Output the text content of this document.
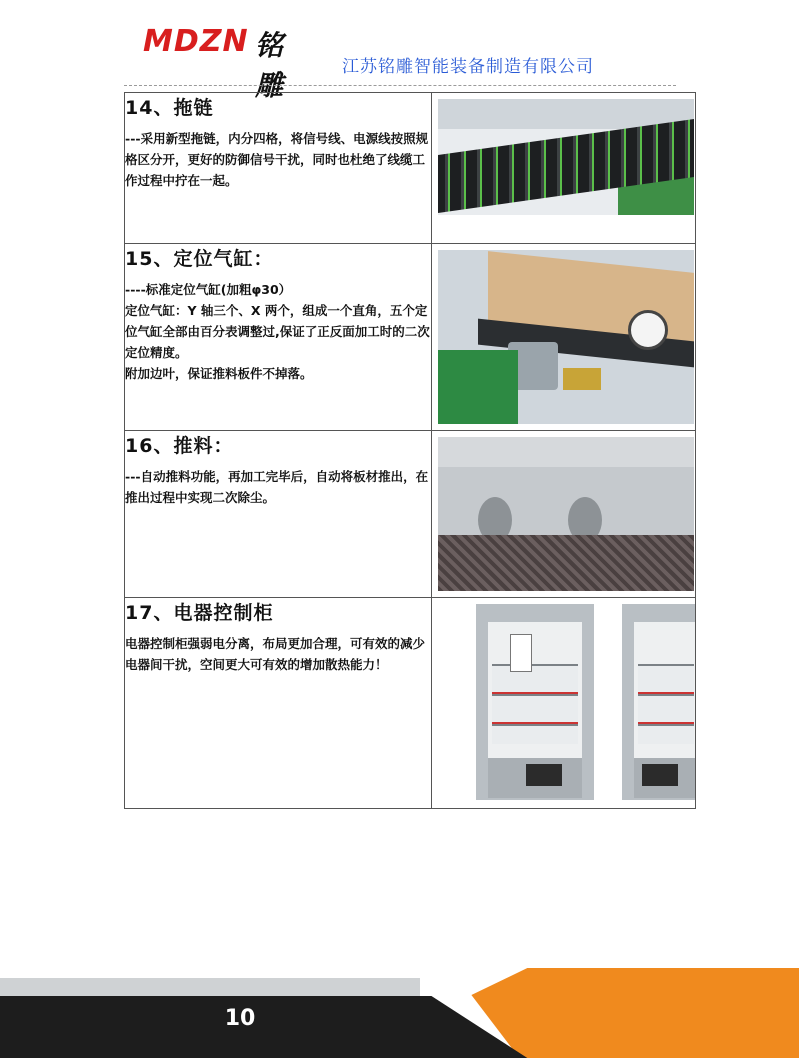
MDZN 铭雕
江苏铭雕智能装备制造有限公司

14、拖链

---采用新型拖链，内分四格，将信号线、电源线按照规格区分开，更好的防御信号干扰，同时也杜绝了线缆工作过程中拧在一起。	

15、定位气缸：

----标准定位气缸(加粗φ30）

定位气缸：Y 轴三个、X 两个，组成一个直角，五个定位气缸全部由百分表调整过,保证了正反面加工时的二次定位精度。

附加边叶，保证推料板件不掉落。	

16、推料：

---自动推料功能，再加工完毕后，自动将板材推出，在推出过程中实现二次除尘。	

17、电器控制柜

电器控制柜强弱电分离，布局更加合理，可有效的减少电器间干扰，空间更大可有效的增加散热能力！	

10
